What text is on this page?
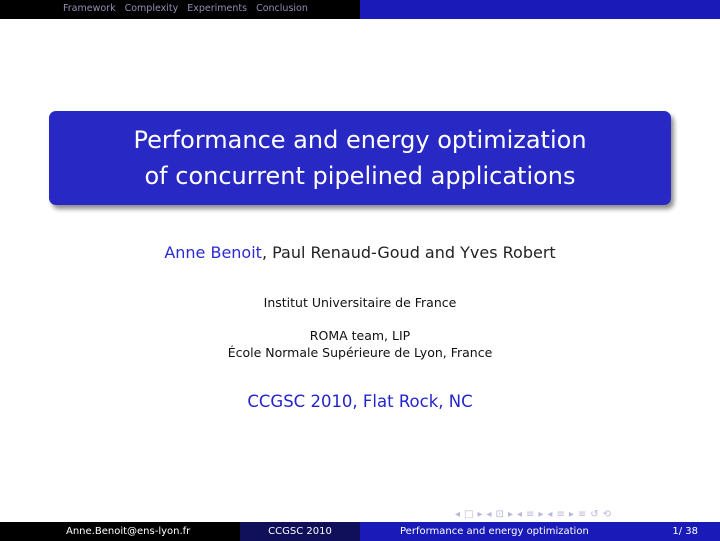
Framework Complexity Experiments Conclusion
Performance and energy optimization
of concurrent pipelined applications
Anne Benoit, Paul Renaud-Goud and Yves Robert
Institut Universitaire de France
ROMA team, LIP
École Normale Supérieure de Lyon, France
CCGSC 2010, Flat Rock, NC
◂ □ ▸ ◂ ⊡ ▸ ◂ ≡ ▸ ◂ ≡ ▸ ≡ ↺ ⟲
Anne.Benoit@ens-lyon.fr	CCGSC 2010	Performance and energy optimization	1/ 38
